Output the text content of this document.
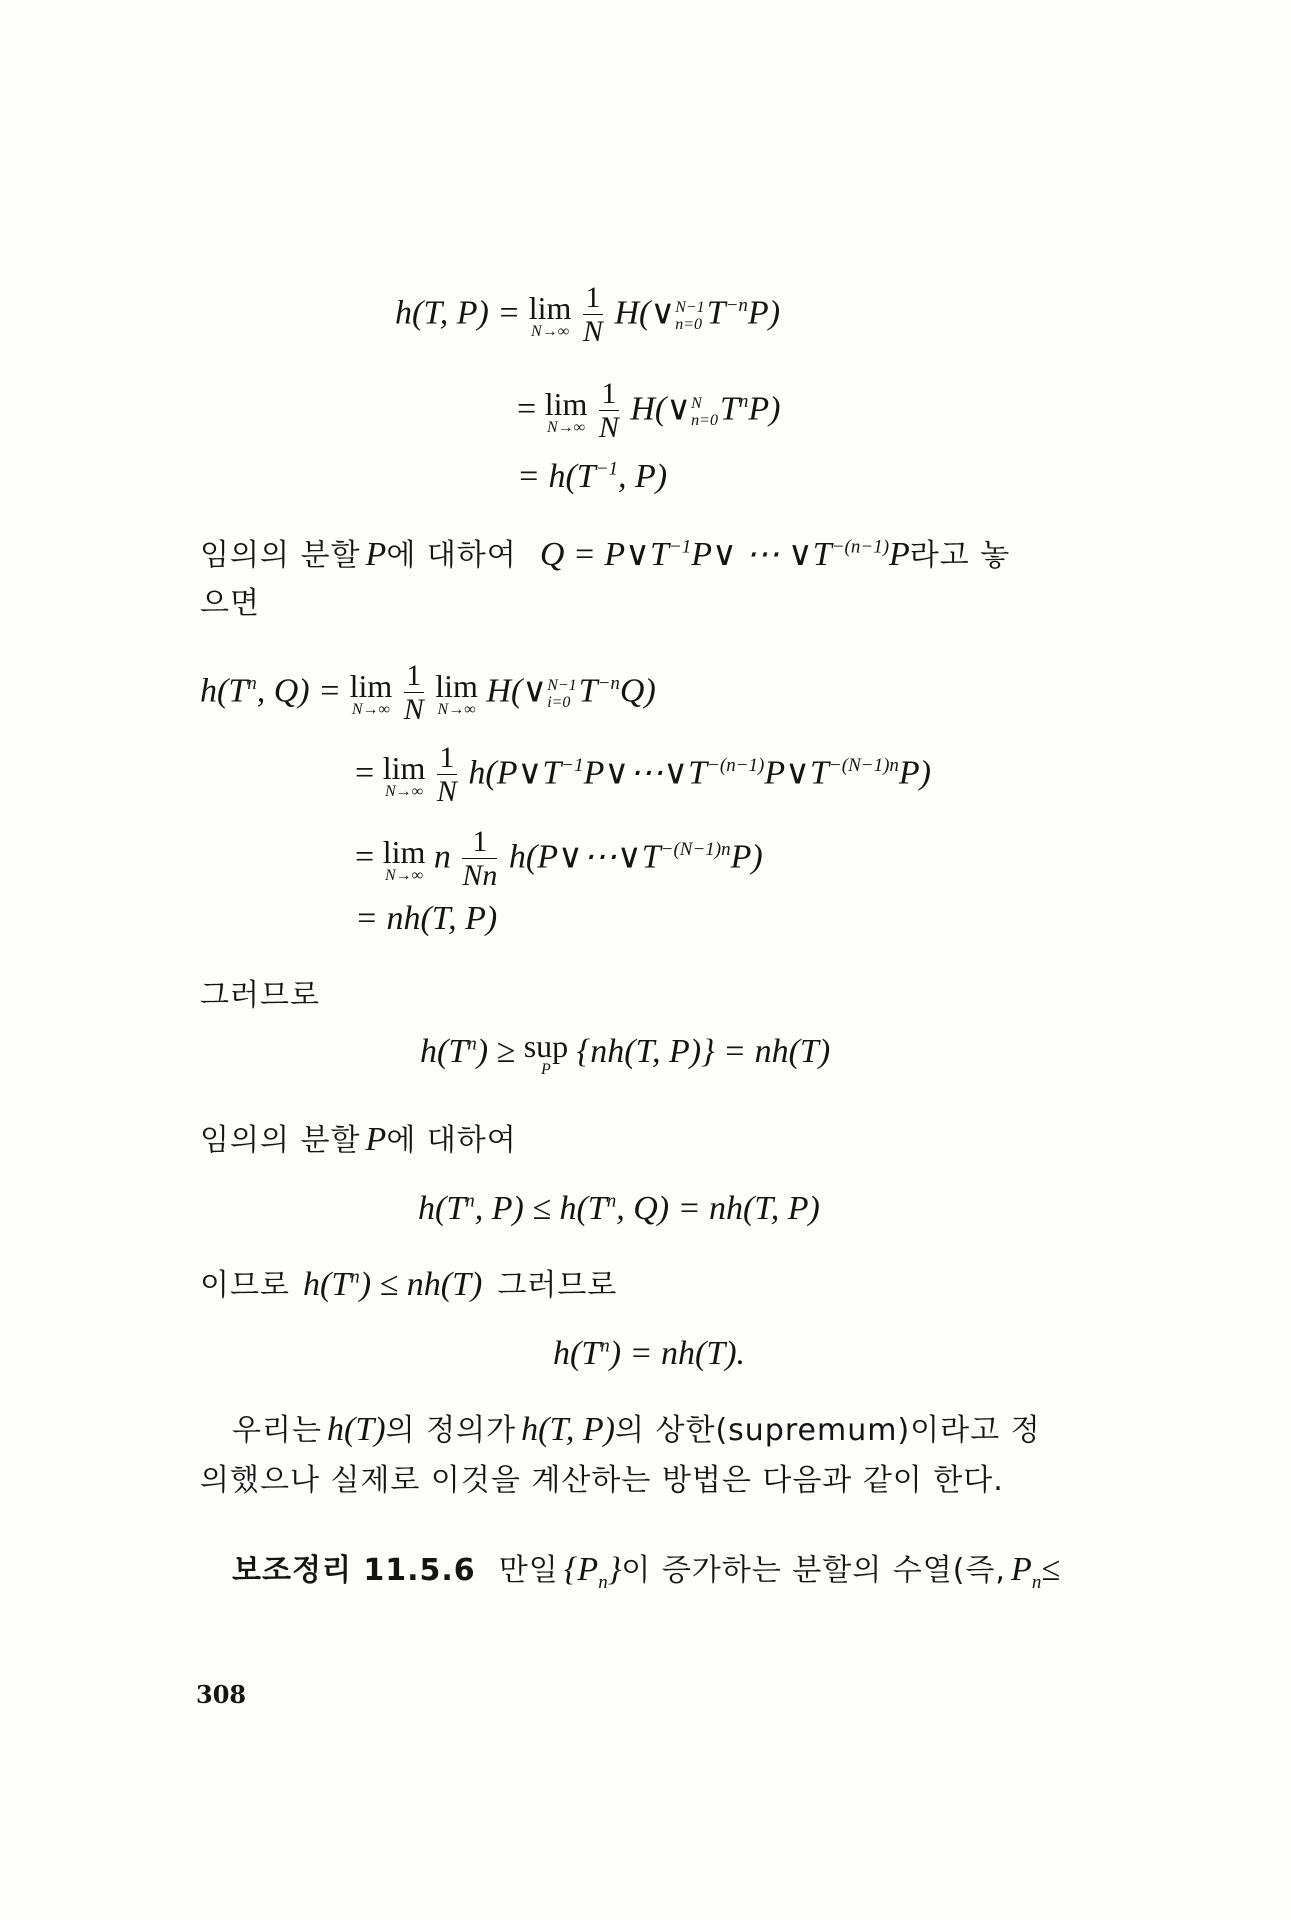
h(T, P) = lim
N→∞
$\frac{1}{N}$ H(∨ N−1
n=0 $T^{-n}P$)
= lim
N→∞
$\frac{1}{N}$ H(∨ N
n=0 $T^nP$)
= $h(T^{-1}$, P)
임의의 분할 P에 대하여 $Q = P\vee T^{-1}P\vee$ ⋯ $\vee T^{-(n-1)}P$라고 놓
으면
$h(T^n$, Q) = lim
N→∞
$\frac{1}{N}$
lim
N→∞ H(∨ N−1
i=0 $T^{-n}Q$)
= lim
N→∞
$\frac{1}{N}$ $h(P\vee T^{-1}P\vee\cdots\vee T^{-(n-1)}P\vee T^{-(N-1)n}P)$
= lim
N→∞ n $\frac{1}{Nn}$ $h(P\vee\cdots\vee T^{-(N-1)n}P)$
= nh(T, P)
그러므로
$h(T^n)$ ≥ sup
P {nh(T, P)} = nh(T)
임의의 분할 P에 대하여
$h(T^n$, $P) \le h(T^n$, Q) = nh(T, P)
이므로 $h(T^n) \le nh(T)$ 그러므로
$h(T^n) = nh(T)$.
우리는 h(T)의 정의가 h(T, P)의 상한(supremum)이라고 정
의했으나 실제로 이것을 계산하는 방법은 다음과 같이 한다.
보조정리 11.5.6 만일 $\{P_n\}$이 증가하는 분할의 수열(즉, $P_n\le$
308
